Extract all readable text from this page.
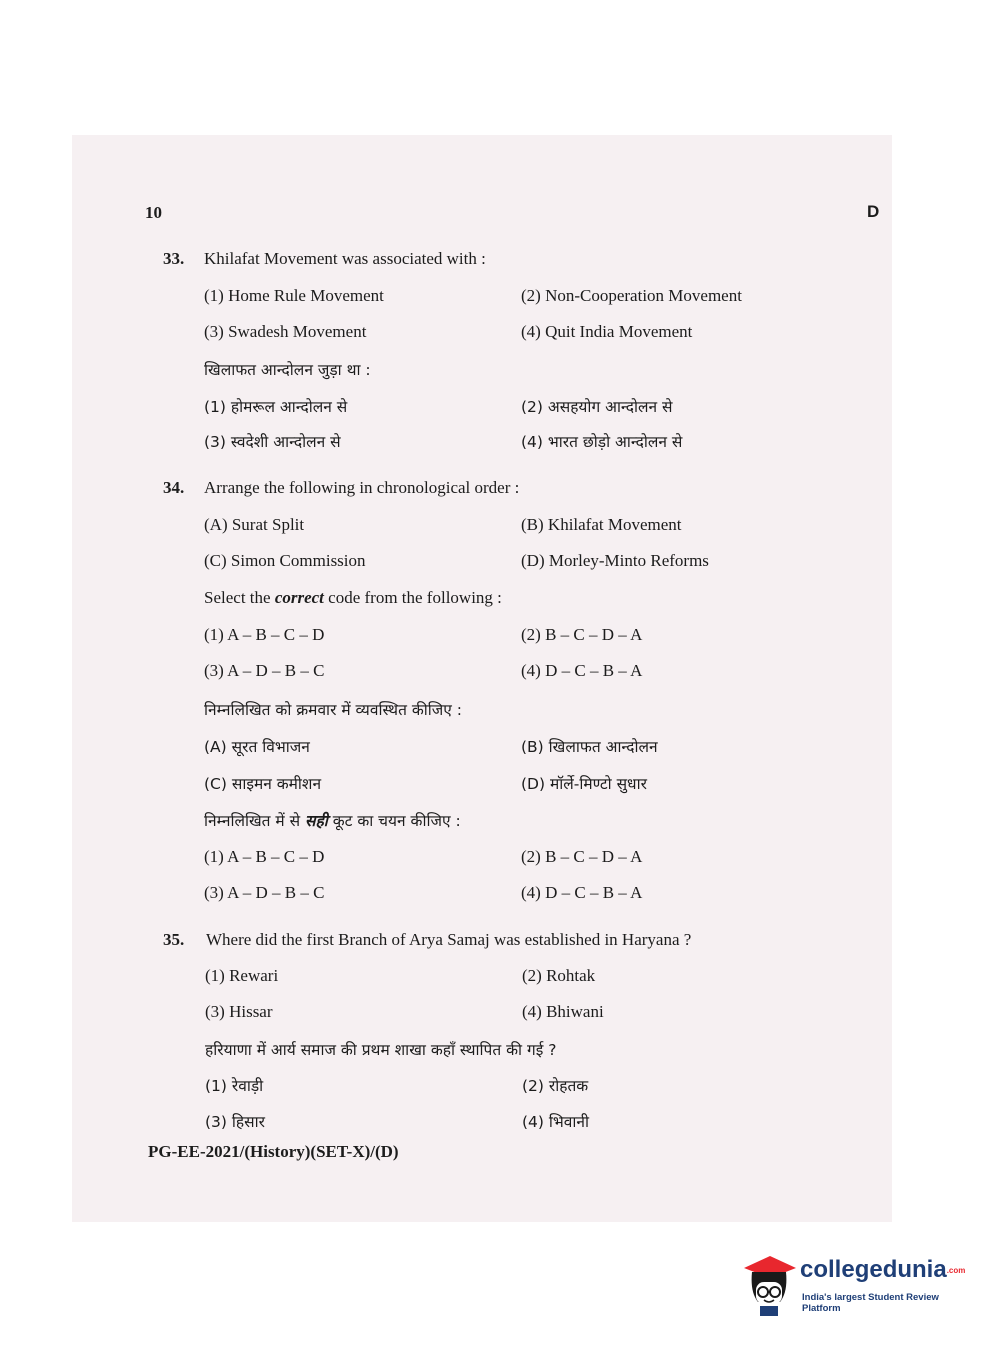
10	D
33. Khilafat Movement was associated with :
(1) Home Rule Movement	(2) Non-Cooperation Movement
(3) Swadesh Movement	(4) Quit India Movement
खिलाफत आन्दोलन जुड़ा था :
(1) होमरूल आन्दोलन से	(2) असहयोग आन्दोलन से
(3) स्वदेशी आन्दोलन से	(4) भारत छोड़ो आन्दोलन से
34. Arrange the following in chronological order :
(A) Surat Split	(B) Khilafat Movement
(C) Simon Commission	(D) Morley-Minto Reforms
Select the correct code from the following :
(1) A – B – C – D	(2) B – C – D – A
(3) A – D – B – C	(4) D – C – B – A
निम्नलिखित को क्रमवार में व्यवस्थित कीजिए :
(A) सूरत विभाजन	(B) खिलाफत आन्दोलन
(C) साइमन कमीशन	(D) मॉर्ले-मिण्टो सुधार
निम्नलिखित में से सही कूट का चयन कीजिए :
(1) A – B – C – D	(2) B – C – D – A
(3) A – D – B – C	(4) D – C – B – A
35. Where did the first Branch of Arya Samaj was established in Haryana ?
(1) Rewari	(2) Rohtak
(3) Hissar	(4) Bhiwani
हरियाणा में आर्य समाज की प्रथम शाखा कहाँ स्थापित की गई ?
(1) रेवाड़ी	(2) रोहतक
(3) हिसार	(4) भिवानी
PG-EE-2021/(History)(SET-X)/(D)
collegedunia.com
India's largest Student Review Platform
